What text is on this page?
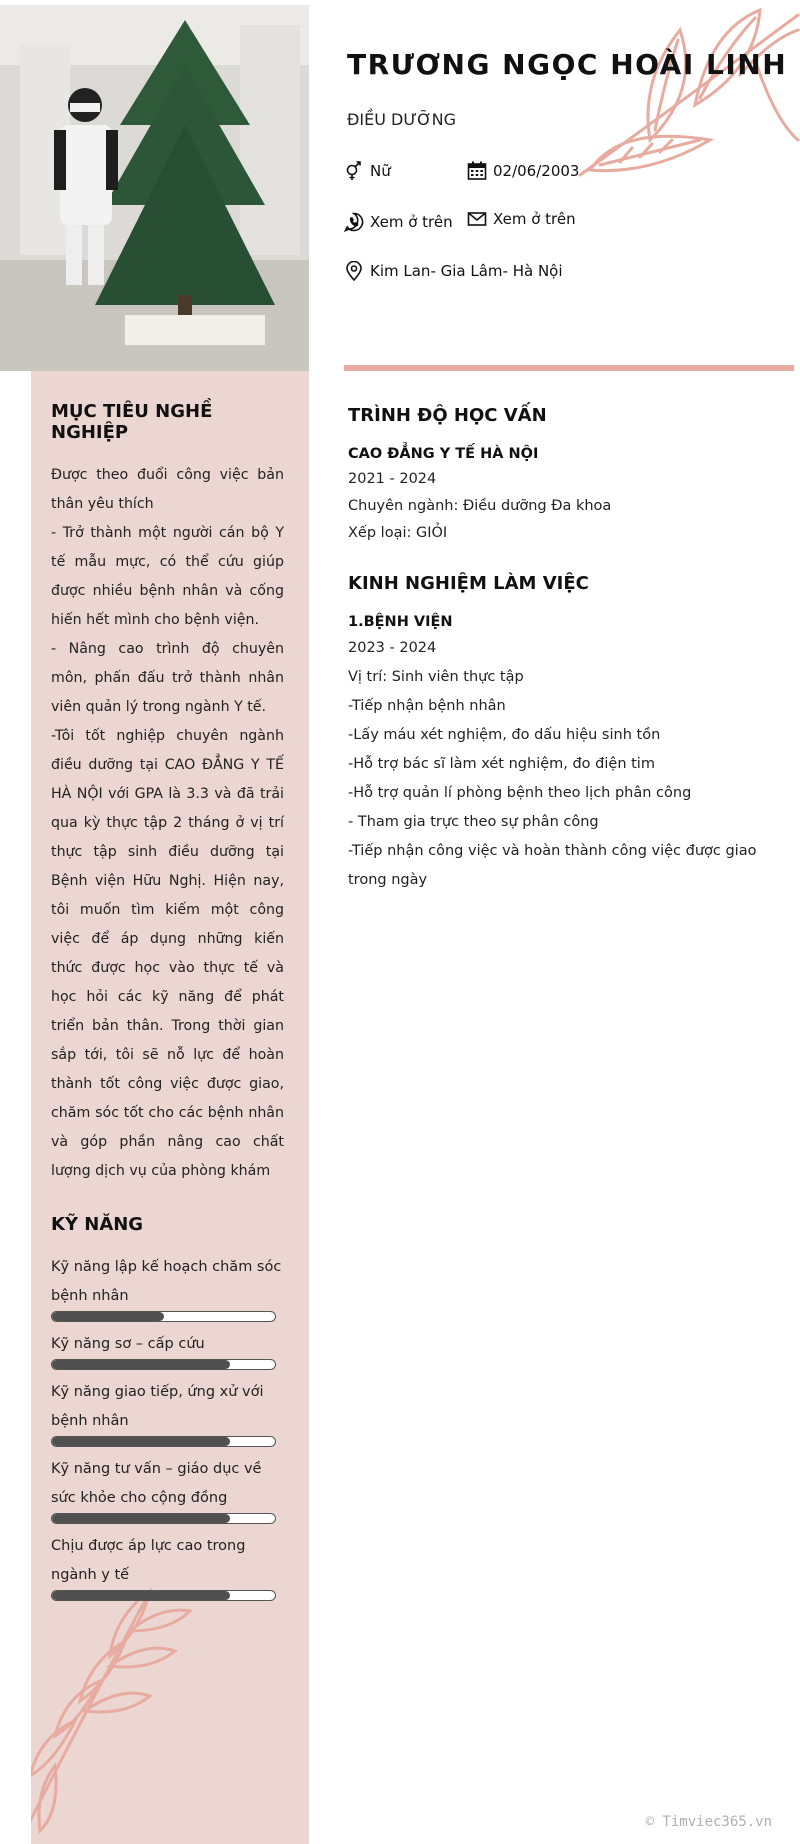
TRƯƠNG NGỌC HOÀI LINH
ĐIỀU DƯỠNG
Nữ	02/06/2003
Xem ở trên	Xem ở trên
Kim Lan- Gia Lâm- Hà Nội
MỤC TIÊU NGHỀ NGHIỆP

Được theo đuổi công việc bản thân yêu thích

- Trở thành một người cán bộ Y tế mẫu mực, có thể cứu giúp được nhiều bệnh nhân và cống hiến hết mình cho bệnh viện.

- Nâng cao trình độ chuyên môn, phấn đấu trở thành nhân viên quản lý trong ngành Y tế.

-Tôi tốt nghiệp chuyên ngành điều dưỡng tại CAO ĐẲNG Y TẾ HÀ NỘI với GPA là 3.3 và đã trải qua kỳ thực tập 2 tháng ở vị trí thực tập sinh điều dưỡng tại Bệnh viện Hữu Nghị. Hiện nay, tôi muốn tìm kiếm một công việc để áp dụng những kiến thức được học vào thực tế và học hỏi các kỹ năng để phát triển bản thân. Trong thời gian sắp tới, tôi sẽ nỗ lực để hoàn thành tốt công việc được giao, chăm sóc tốt cho các bệnh nhân và góp phần nâng cao chất lượng dịch vụ của phòng khám

KỸ NĂNG
Kỹ năng lập kế hoạch chăm sóc bệnh nhân
Kỹ năng sơ – cấp cứu
Kỹ năng giao tiếp, ứng xử với bệnh nhân
Kỹ năng tư vấn – giáo dục về sức khỏe cho cộng đồng
Chịu được áp lực cao trong ngành y tế
TRÌNH ĐỘ HỌC VẤN
CAO ĐẲNG Y TẾ HÀ NỘI
2021 - 2024
Chuyên ngành: Điều dưỡng Đa khoa
Xếp loại: GIỎI
KINH NGHIỆM LÀM VIỆC
1.BỆNH VIỆN
2023 - 2024
Vị trí: Sinh viên thực tập
-Tiếp nhận bệnh nhân
-Lấy máu xét nghiệm, đo dấu hiệu sinh tồn
-Hỗ trợ bác sĩ làm xét nghiệm, đo điện tim
-Hỗ trợ quản lí phòng bệnh theo lịch phân công
- Tham gia trực theo sự phân công
-Tiếp nhận công việc và hoàn thành công việc được giao trong ngày
© Timviec365.vn
